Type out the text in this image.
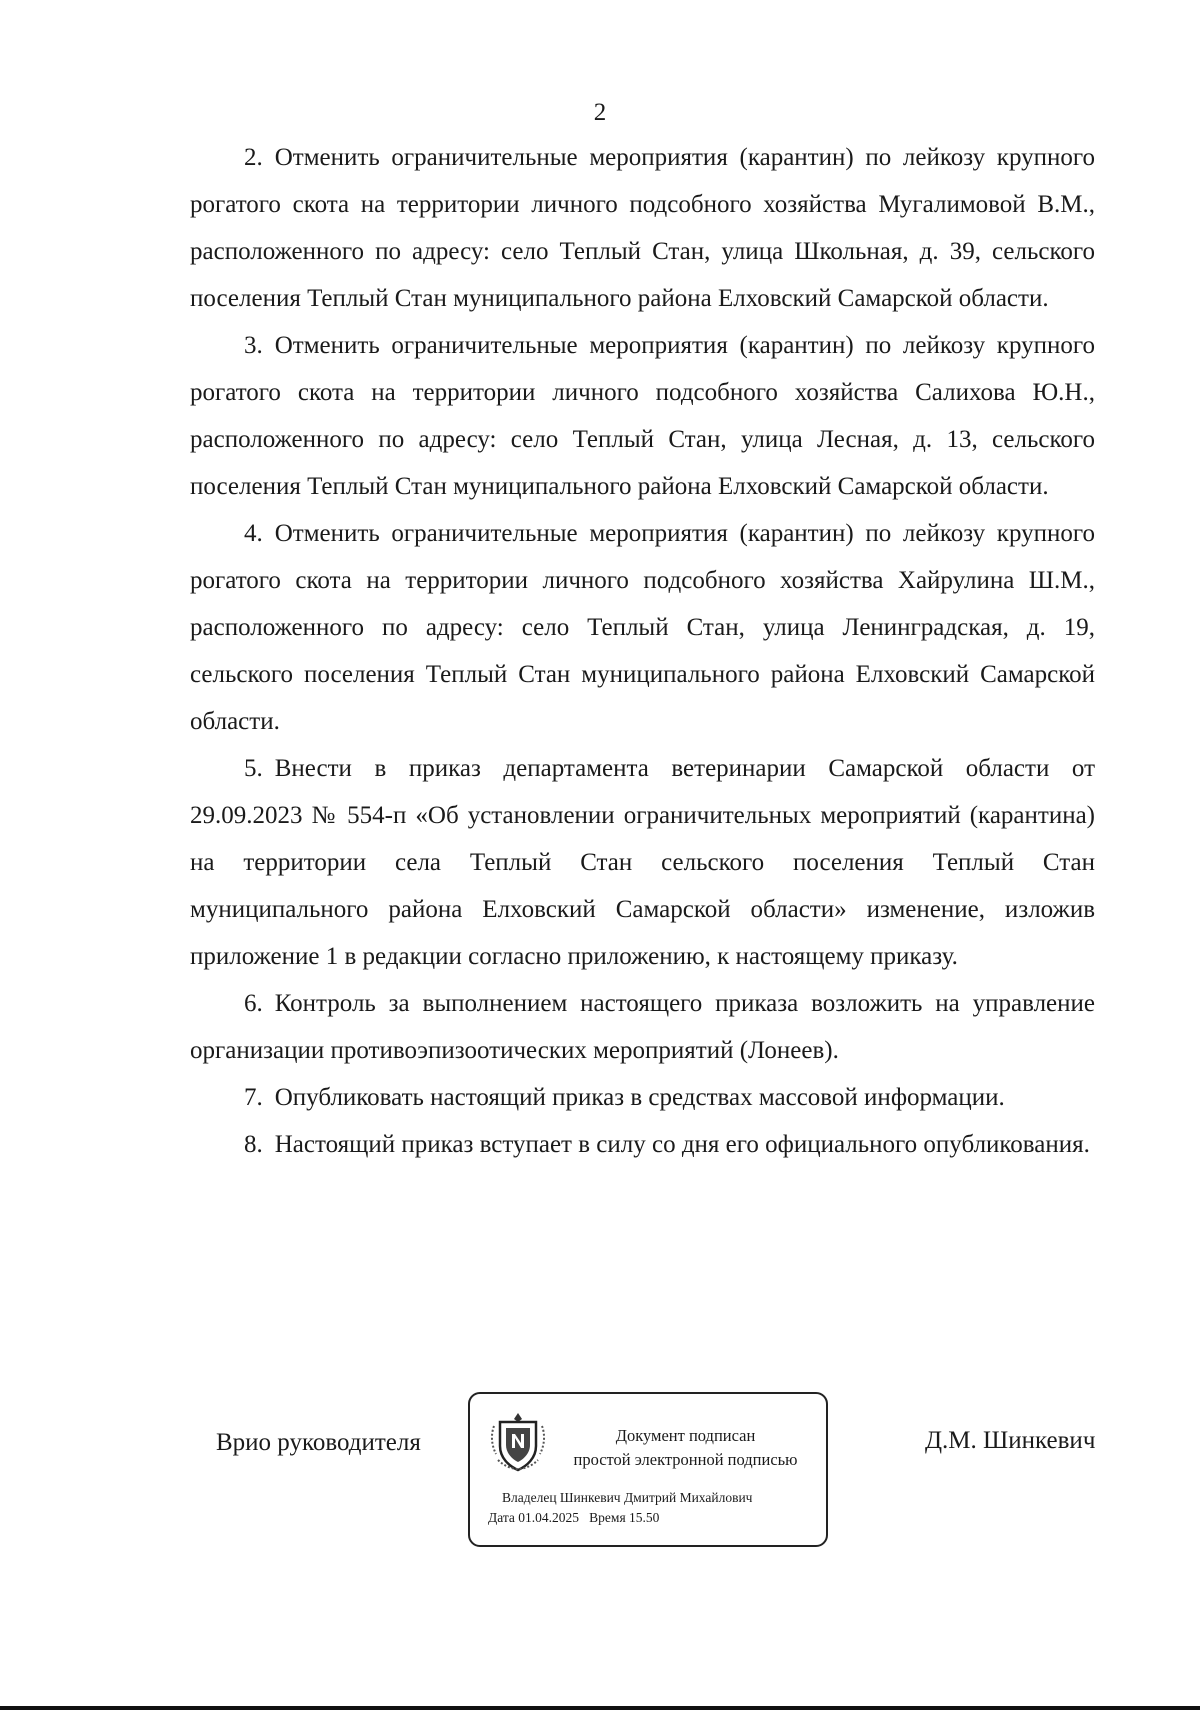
2

2. Отменить ограничительные мероприятия (карантин) по лейкозу крупного рогатого скота на территории личного подсобного хозяйства Мугалимовой В.М., расположенного по адресу: село Теплый Стан, улица Школьная, д. 39, сельского поселения Теплый Стан муниципального района Елховский Самарской области.

3. Отменить ограничительные мероприятия (карантин) по лейкозу крупного рогатого скота на территории личного подсобного хозяйства Салихова Ю.Н., расположенного по адресу: село Теплый Стан, улица Лесная, д. 13, сельского поселения Теплый Стан муниципального района Елховский Самарской области.

4. Отменить ограничительные мероприятия (карантин) по лейкозу крупного рогатого скота на территории личного подсобного хозяйства Хайрулина Ш.М., расположенного по адресу: село Теплый Стан, улица Ленинградская, д. 19, сельского поселения Теплый Стан муниципального района Елховский Самарской области.

5. Внести в приказ департамента ветеринарии Самарской области от 29.09.2023 № 554-п «Об установлении ограничительных мероприятий (карантина) на территории села Теплый Стан сельского поселения Теплый Стан муниципального района Елховский Самарской области» изменение, изложив приложение 1 в редакции согласно приложению, к настоящему приказу.

6. Контроль за выполнением настоящего приказа возложить на управление организации противоэпизоотических мероприятий (Лонеев).

7. Опубликовать настоящий приказ в средствах массовой информации.

8. Настоящий приказ вступает в силу со дня его официального опубликования.

Врио руководителя	Документ подписан
простой электронной подписью
Владелец Шинкевич Дмитрий Михайлович
Дата 01.04.2025 Время 15.50
Д.М. Шинкевич
